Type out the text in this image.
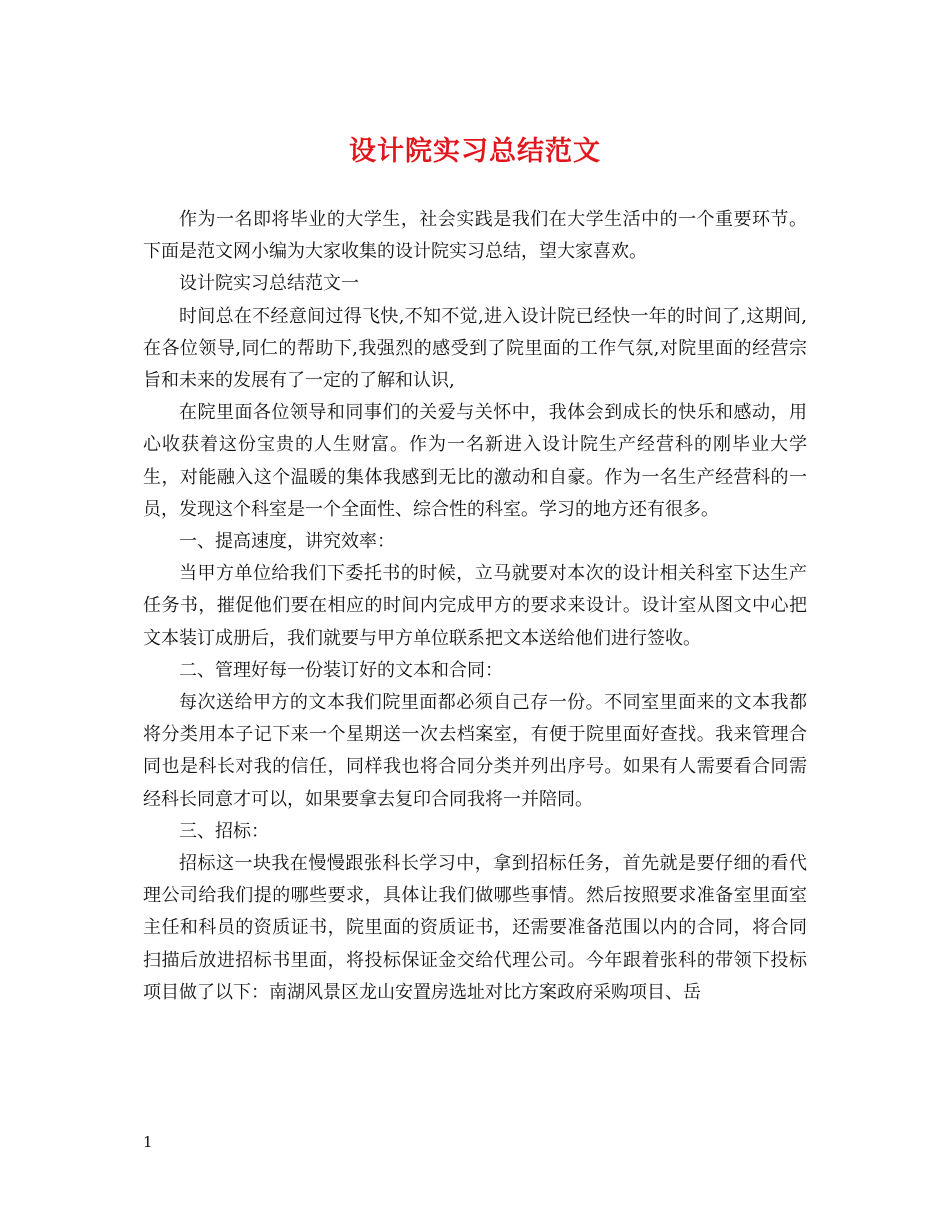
设计院实习总结范文

作为一名即将毕业的大学生，社会实践是我们在大学生活中的一个重要环节。下面是范文网小编为大家收集的设计院实习总结，望大家喜欢。

设计院实习总结范文一

时间总在不经意间过得飞快,不知不觉,进入设计院已经快一年的时间了,这期间,在各位领导,同仁的帮助下,我强烈的感受到了院里面的工作气氛,对院里面的经营宗旨和未来的发展有了一定的了解和认识,

在院里面各位领导和同事们的关爱与关怀中，我体会到成长的快乐和感动，用心收获着这份宝贵的人生财富。作为一名新进入设计院生产经营科的刚毕业大学生，对能融入这个温暖的集体我感到无比的激动和自豪。作为一名生产经营科的一员，发现这个科室是一个全面性、综合性的科室。学习的地方还有很多。

一、提高速度，讲究效率：

当甲方单位给我们下委托书的时候，立马就要对本次的设计相关科室下达生产任务书，摧促他们要在相应的时间内完成甲方的要求来设计。设计室从图文中心把文本装订成册后，我们就要与甲方单位联系把文本送给他们进行签收。

二、管理好每一份装订好的文本和合同：

每次送给甲方的文本我们院里面都必须自己存一份。不同室里面来的文本我都将分类用本子记下来一个星期送一次去档案室，有便于院里面好查找。我来管理合同也是科长对我的信任，同样我也将合同分类并列出序号。如果有人需要看合同需经科长同意才可以，如果要拿去复印合同我将一并陪同。

三、招标：

招标这一块我在慢慢跟张科长学习中，拿到招标任务，首先就是要仔细的看代理公司给我们提的哪些要求，具体让我们做哪些事情。然后按照要求准备室里面室主任和科员的资质证书，院里面的资质证书，还需要准备范围以内的合同，将合同扫描后放进招标书里面，将投标保证金交给代理公司。今年跟着张科的带领下投标项目做了以下：南湖风景区龙山安置房选址对比方案政府采购项目、岳

1
